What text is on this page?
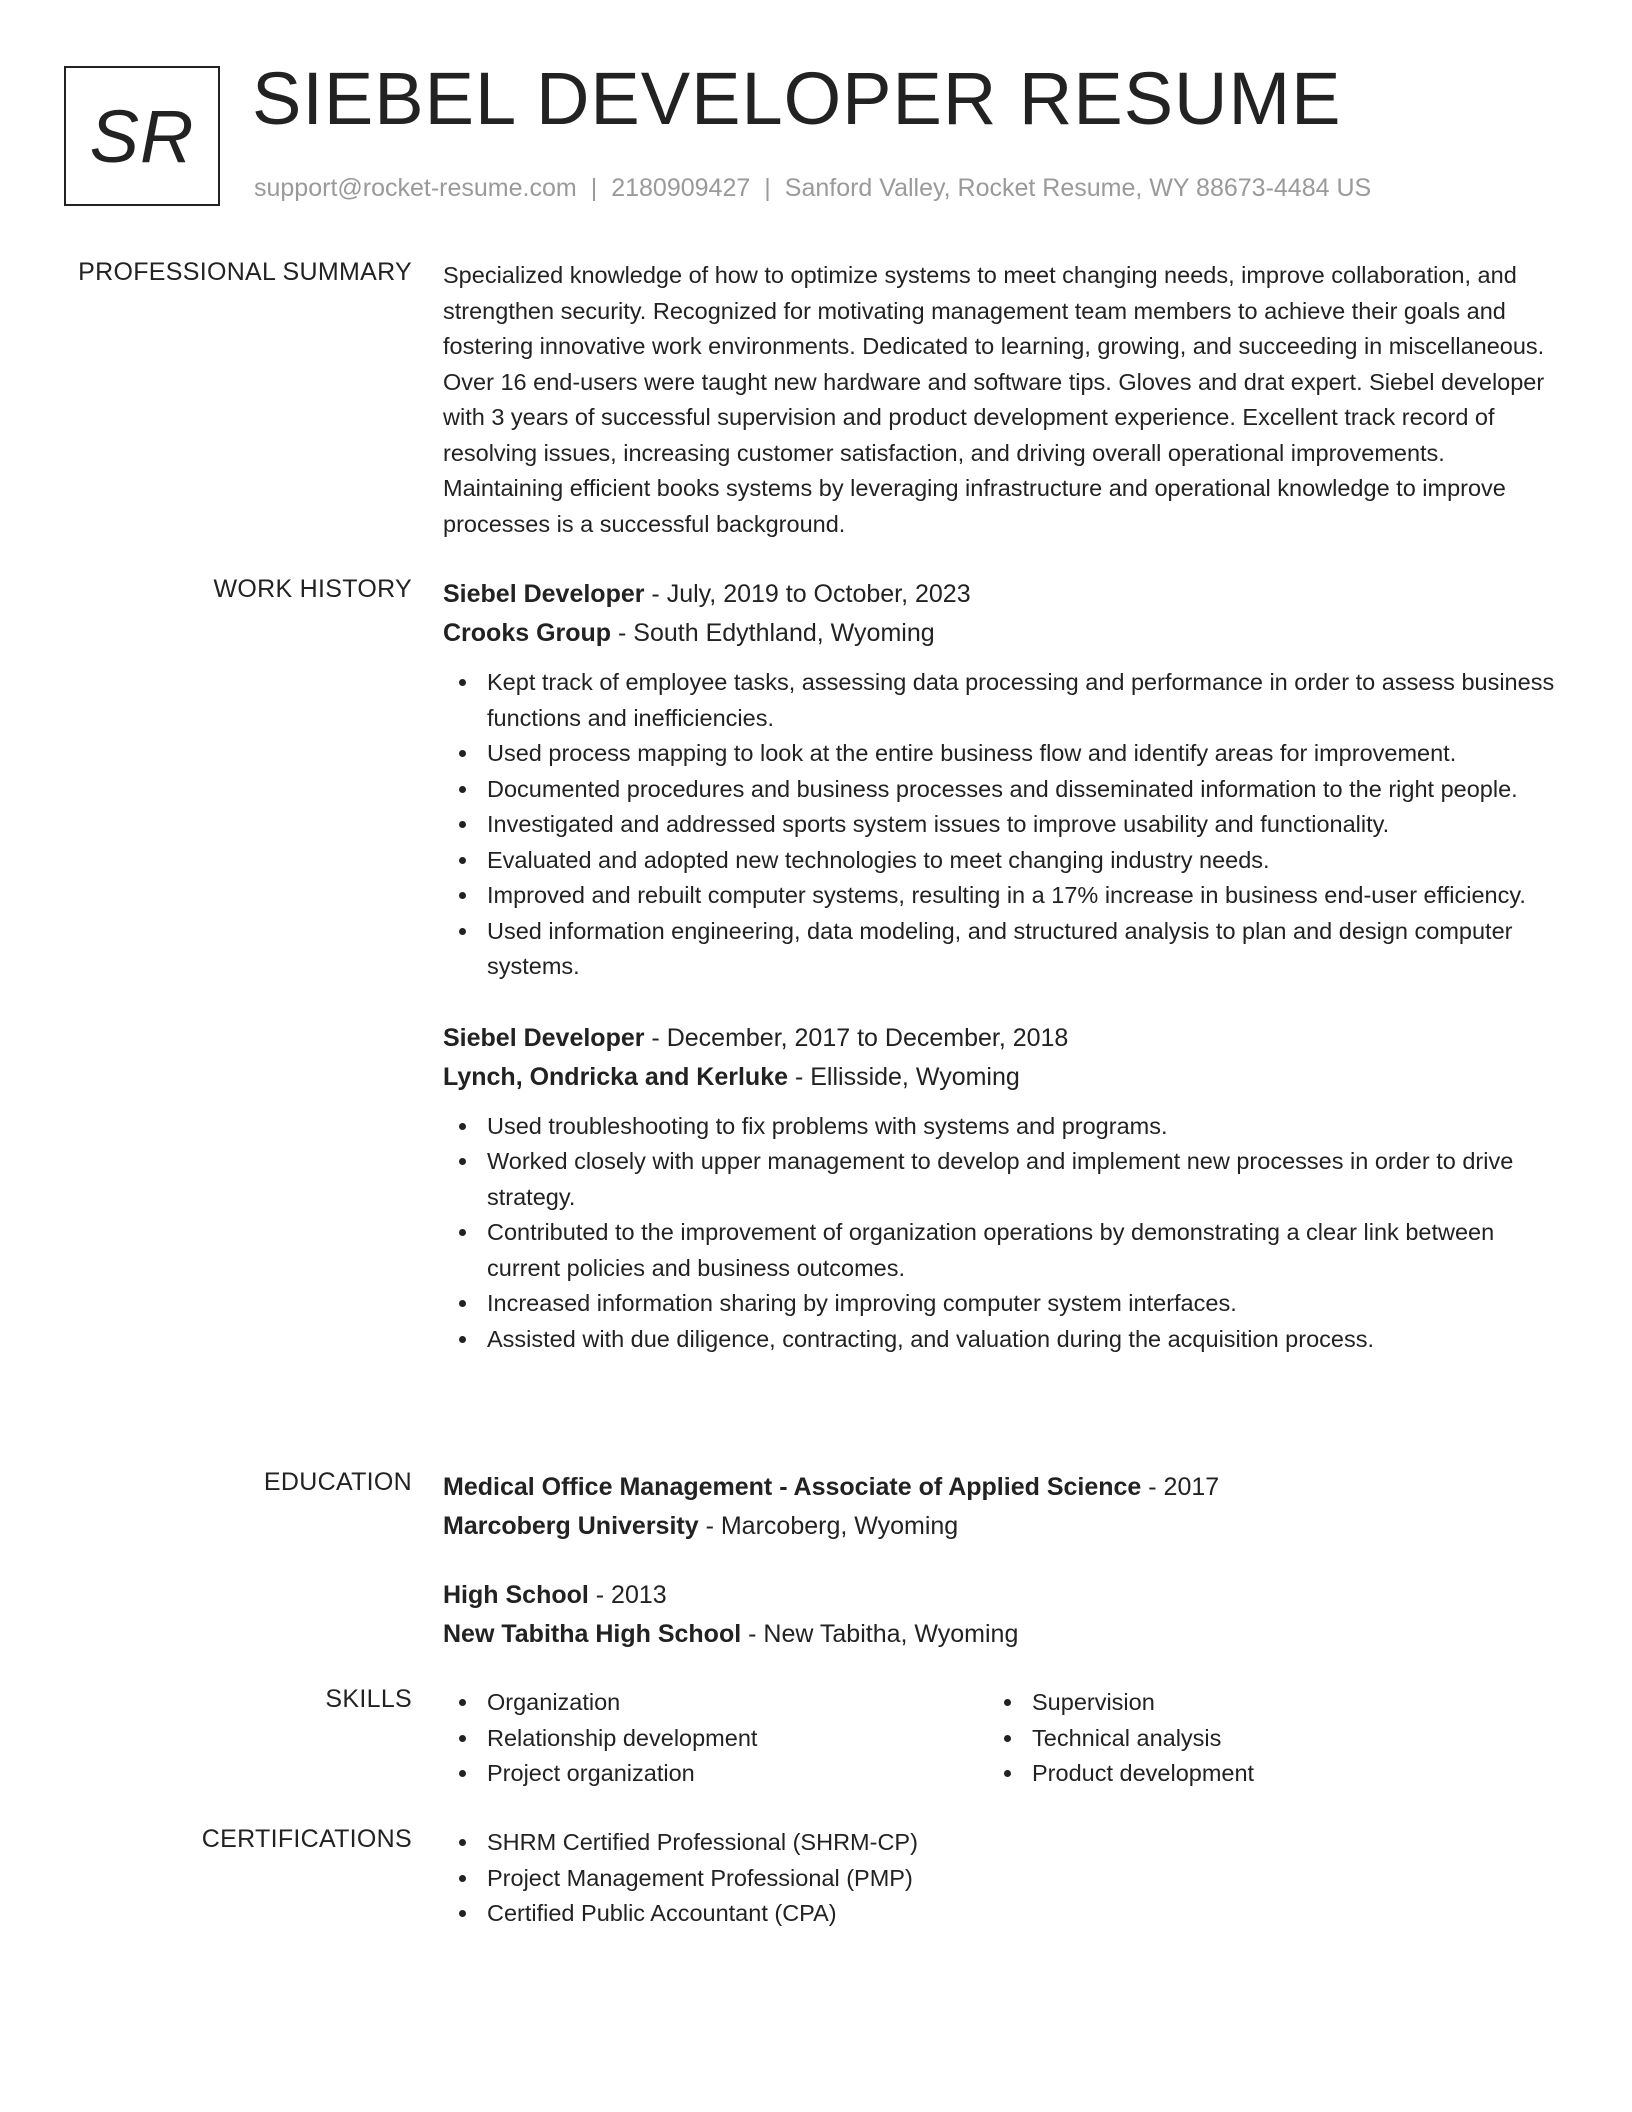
SR SIEBEL DEVELOPER RESUME
support@rocket-resume.com | 2180909427 | Sanford Valley, Rocket Resume, WY 88673-4484 US
PROFESSIONAL SUMMARY Specialized knowledge of how to optimize systems to meet changing needs, improve collaboration, and strengthen security. Recognized for motivating management team members to achieve their goals and fostering innovative work environments. Dedicated to learning, growing, and succeeding in miscellaneous. Over 16 end-users were taught new hardware and software tips. Gloves and drat expert. Siebel developer with 3 years of successful supervision and product development experience. Excellent track record of resolving issues, increasing customer satisfaction, and driving overall operational improvements. Maintaining efficient books systems by leveraging infrastructure and operational knowledge to improve processes is a successful background.

WORK HISTORY Siebel Developer - July, 2019 to October, 2023
Crooks Group - South Edythland, Wyoming
Kept track of employee tasks, assessing data processing and performance in order to assess business functions and inefficiencies.
Used process mapping to look at the entire business flow and identify areas for improvement.
Documented procedures and business processes and disseminated information to the right people.
Investigated and addressed sports system issues to improve usability and functionality.
Evaluated and adopted new technologies to meet changing industry needs.
Improved and rebuilt computer systems, resulting in a 17% increase in business end-user efficiency.
Used information engineering, data modeling, and structured analysis to plan and design computer systems.
Siebel Developer - December, 2017 to December, 2018
Lynch, Ondricka and Kerluke - Ellisside, Wyoming
Used troubleshooting to fix problems with systems and programs.
Worked closely with upper management to develop and implement new processes in order to drive strategy.
Contributed to the improvement of organization operations by demonstrating a clear link between current policies and business outcomes.
Increased information sharing by improving computer system interfaces.
Assisted with due diligence, contracting, and valuation during the acquisition process.
EDUCATION Medical Office Management - Associate of Applied Science - 2017
Marcoberg University - Marcoberg, Wyoming
High School - 2013
New Tabitha High School - New Tabitha, Wyoming
SKILLS	Organization
Relationship development
Project organization
Supervision
Technical analysis
Product development
CERTIFICATIONS	SHRM Certified Professional (SHRM-CP)
Project Management Professional (PMP)
Certified Public Accountant (CPA)
